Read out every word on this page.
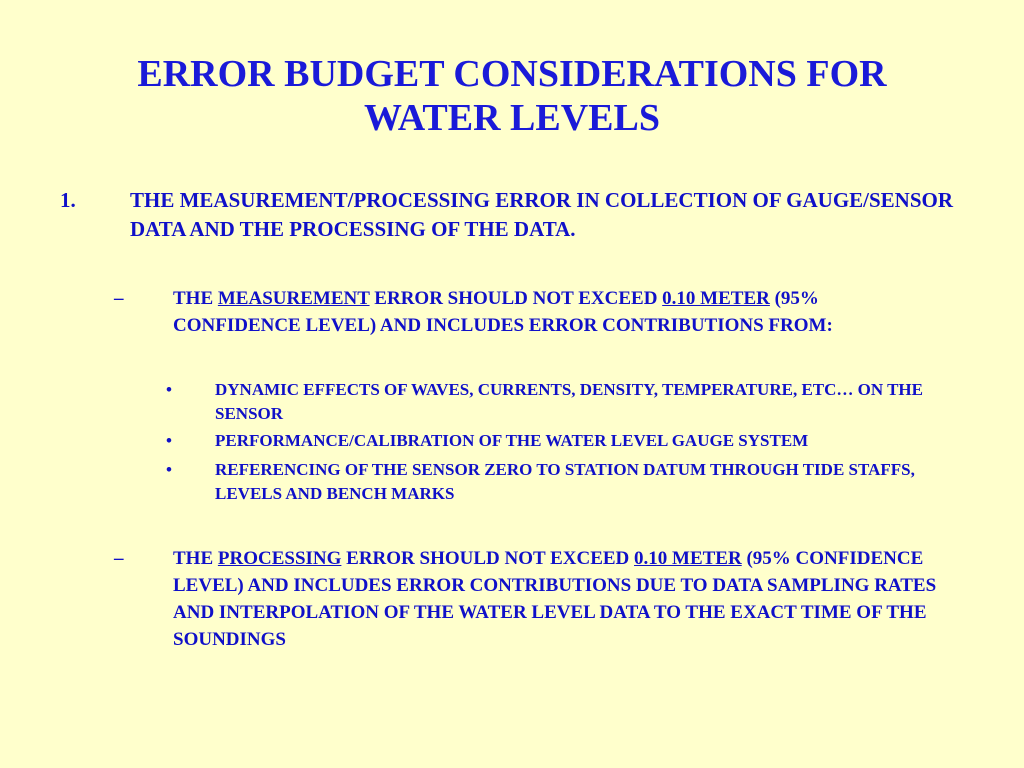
ERROR BUDGET CONSIDERATIONS FOR
WATER LEVELS
1.	THE MEASUREMENT/PROCESSING ERROR IN COLLECTION OF GAUGE/SENSOR DATA AND THE PROCESSING OF THE DATA.
–	THE MEASUREMENT ERROR SHOULD NOT EXCEED 0.10 METER (95% CONFIDENCE LEVEL) AND INCLUDES ERROR CONTRIBUTIONS FROM:
•	DYNAMIC EFFECTS OF WAVES, CURRENTS, DENSITY, TEMPERATURE, ETC… ON THE SENSOR
•	PERFORMANCE/CALIBRATION OF THE WATER LEVEL GAUGE SYSTEM
•	REFERENCING OF THE SENSOR ZERO TO STATION DATUM THROUGH TIDE STAFFS, LEVELS AND BENCH MARKS
–	THE PROCESSING ERROR SHOULD NOT EXCEED 0.10 METER (95% CONFIDENCE LEVEL) AND INCLUDES ERROR CONTRIBUTIONS DUE TO DATA SAMPLING RATES AND INTERPOLATION OF THE WATER LEVEL DATA TO THE EXACT TIME OF THE SOUNDINGS
